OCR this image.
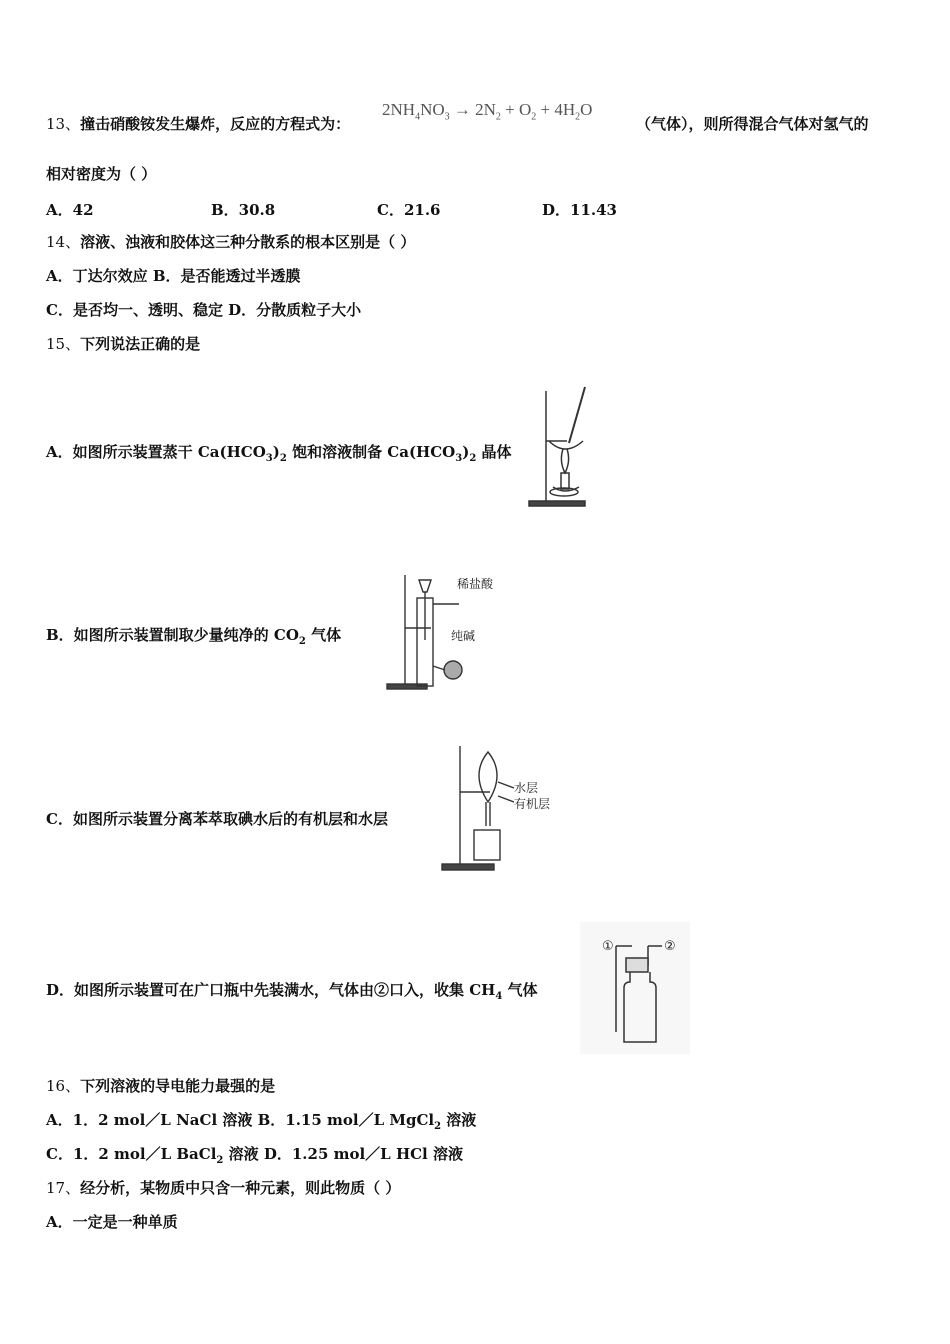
13、撞击硝酸铵发生爆炸，反应的方程式为：
$2NH_4NO_3 \to 2N_2 + O_2 + 4H_2O$
（气体），则所得混合气体对氢气的
相对密度为（ ）
A．42	B．30.8	C．21.6	D．11.43
14、溶液、浊液和胶体这三种分散系的根本区别是（ ）
A．丁达尔效应 B．是否能透过半透膜
C．是否均一、透明、稳定 D．分散质粒子大小
15、下列说法正确的是
A．如图所示装置蒸干 $Ca(HCO_3)_2$ 饱和溶液制备 $Ca(HCO_3)_2$ 晶体
B．如图所示装置制取少量纯净的 $CO_2$ 气体
稀盐酸
纯碱
C．如图所示装置分离苯萃取碘水后的有机层和水层
水层
有机层
D．如图所示装置可在广口瓶中先装满水，气体由②口入，收集 $CH_4$ 气体
①	②
16、下列溶液的导电能力最强的是
A．1．2 mol／L NaCl 溶液 B．1.15 mol／L MgCl$_2$ 溶液
C．1．2 mol／L BaCl$_2$ 溶液 D．1.25 mol／L HCl 溶液
17、经分析，某物质中只含一种元素，则此物质（ ）
A．一定是一种单质
